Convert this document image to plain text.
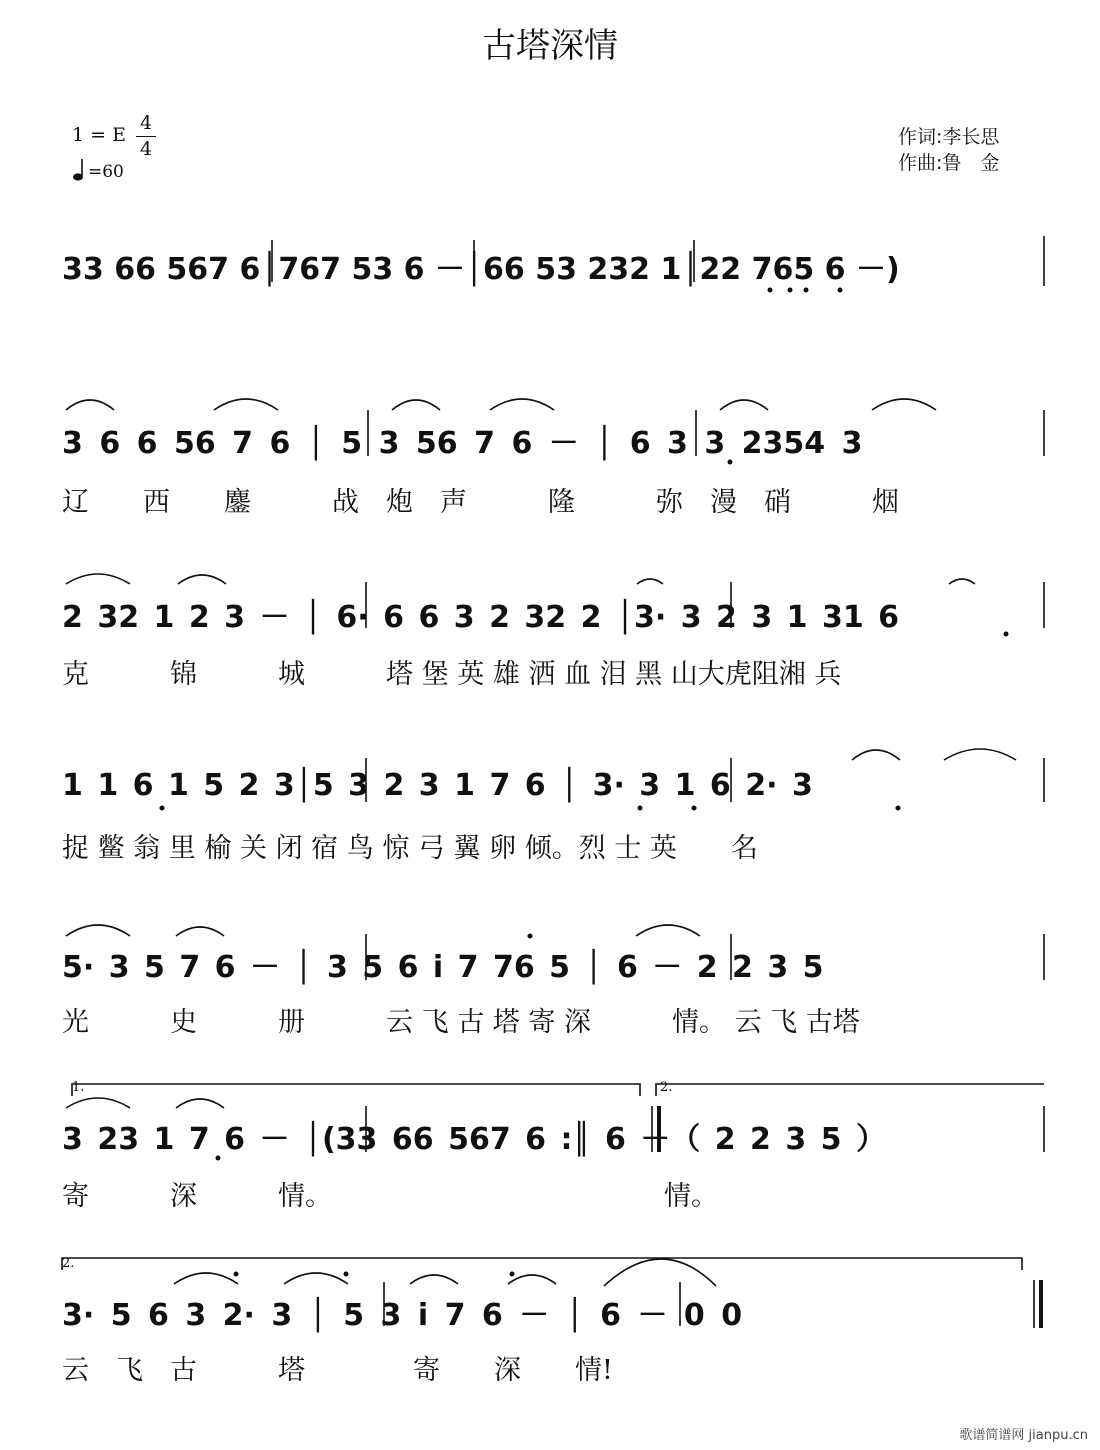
古塔深情
1 = E
4
4
=60
作词:李长思
作曲:鲁　金
33 66 567 6│767 53 6 －│66 53 232 1│22 765 6 －)
3 6 6 56 7 6 │ 5 3 56 7 6 － │ 6 3 3 2354 3
辽　　 西　　 鏖　　　	战　 炮　 声　　　	隆　　　	弥　 漫　 硝　　　	烟
2 32 1 2 3 － │ 6· 6 6 3 2 32 2 │3· 3 2 3 1 31 6
克　　　	锦　　　	城　　　	塔 堡 英 雄 洒 血 泪 黑 山大虎阻湘 兵
1 1 6 1 5 2 3│5 3 2 3 1 7 6 │ 3· 3 1 6 2· 3
捉 鳖 翁 里 榆 关 闭 宿 鸟 惊 弓 翼 卵 倾。烈 士 英　　 名
5· 3 5 7 6 － │ 3 5 6 i 7 76 5 │ 6 － 2 2 3 5
光　　　	史　　　	册　　　	云 飞 古 塔 寄 深　　　	情。 云 飞 古塔
1.	2.
3 23 1 7 6 － │(33 66 567 6 :║ 6 －（ 2 2 3 5 ）
寄　　　	深　　　	情。	情。
2.
3· 5 6 3 2· 3 │ 5 3 i 7 6 － │ 6 － 0 0
云　 飞　 古　　　	塔　　　　	寄　　 深　　 情!
歌谱简谱网 jianpu.cn
